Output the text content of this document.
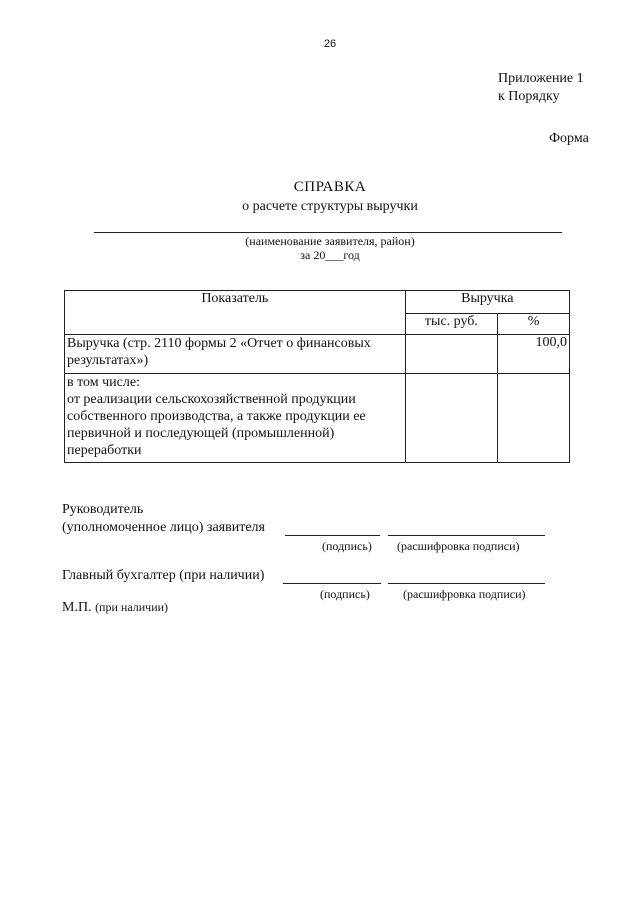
26
Приложение 1
к Порядку
Форма
СПРАВКА
о расчете структуры выручки
(наименование заявителя, район)
за 20___год
Показатель	Выручка	
	тыс. руб.	%
Выручка (стр. 2110 формы 2 «Отчет о финансовых результатах»)		100,0

в том числе:
от реализации сельскохозяйственной продукции собственного производства, а также продукции ее первичной и последующей (промышленной) переработки		

Руководитель
(уполномоченное лицо) заявителя
(подпись) (расшифровка подписи)
Главный бухгалтер (при наличии)
(подпись)	(расшифровка подписи)
М.П. (при наличии)
